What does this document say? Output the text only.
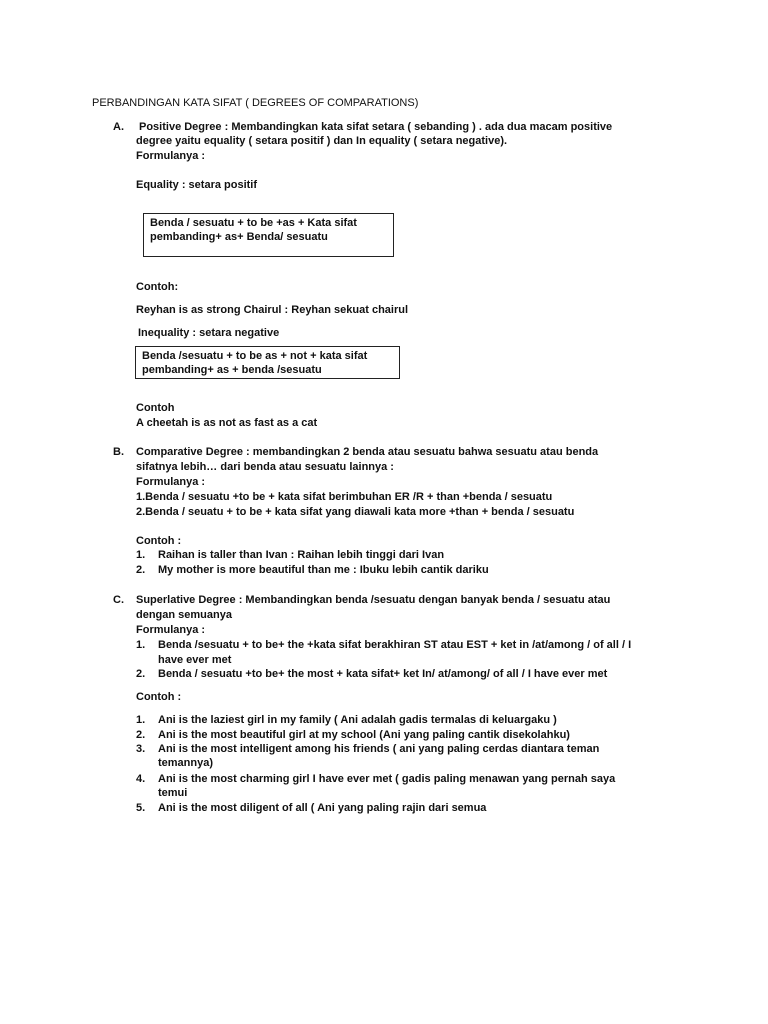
PERBANDINGAN KATA SIFAT ( DEGREES OF COMPARATIONS)
A. Positive Degree : Membandingkan kata sifat setara ( sebanding ) . ada dua macam positive
degree yaitu equality ( setara positif ) dan In equality ( setara negative).
Formulanya :
Equality : setara positif
Benda / sesuatu + to be +as + Kata sifat
pembanding+ as+ Benda/ sesuatu
Contoh:
Reyhan is as strong Chairul : Reyhan sekuat chairul
Inequality : setara negative
Benda /sesuatu + to be as + not + kata sifat
pembanding+ as + benda /sesuatu
Contoh
A cheetah is as not as fast as a cat
B. Comparative Degree : membandingkan 2 benda atau sesuatu bahwa sesuatu atau benda
sifatnya lebih… dari benda atau sesuatu lainnya :
Formulanya :
1.Benda / sesuatu +to be + kata sifat berimbuhan ER /R + than +benda / sesuatu
2.Benda / seuatu + to be + kata sifat yang diawali kata more +than + benda / sesuatu
Contoh :
1. Raihan is taller than Ivan : Raihan lebih tinggi dari Ivan
2. My mother is more beautiful than me : Ibuku lebih cantik dariku
C. Superlative Degree : Membandingkan benda /sesuatu dengan banyak benda / sesuatu atau
dengan semuanya
Formulanya :
1. Benda /sesuatu + to be+ the +kata sifat berakhiran ST atau EST + ket in /at/among / of all / I
have ever met
2. Benda / sesuatu +to be+ the most + kata sifat+ ket In/ at/among/ of all / I have ever met
Contoh :
1. Ani is the laziest girl in my family ( Ani adalah gadis termalas di keluargaku )
2. Ani is the most beautiful girl at my school (Ani yang paling cantik disekolahku)
3. Ani is the most intelligent among his friends ( ani yang paling cerdas diantara teman
temannya)
4. Ani is the most charming girl I have ever met ( gadis paling menawan yang pernah saya
temui
5. Ani is the most diligent of all ( Ani yang paling rajin dari semua
